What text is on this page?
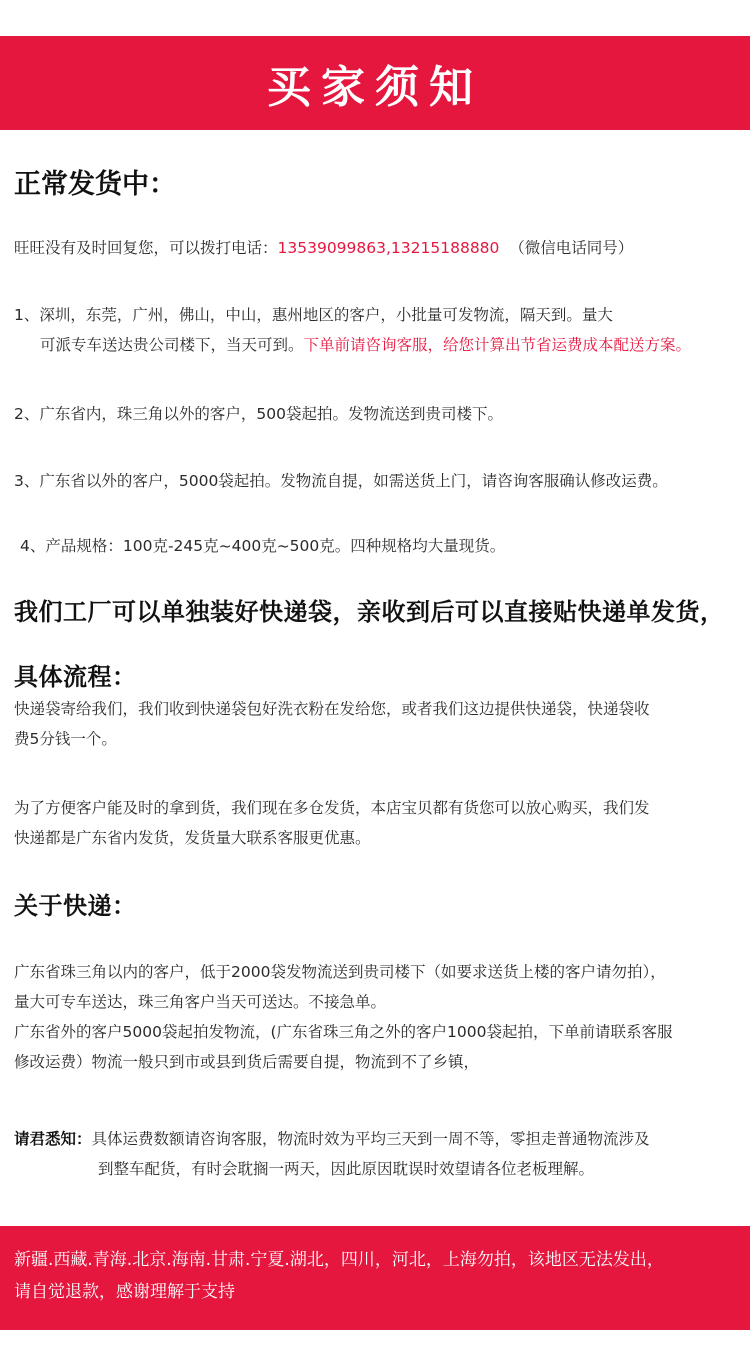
买家须知
正常发货中：
旺旺没有及时回复您，可以拨打电话：13539099863,13215188880 （微信电话同号）
1、深圳，东莞，广州，佛山，中山，惠州地区的客户，小批量可发物流，隔天到。量大
可派专车送达贵公司楼下，当天可到。下单前请咨询客服，给您计算出节省运费成本配送方案。
2、广东省内，珠三角以外的客户，500袋起拍。发物流送到贵司楼下。
3、广东省以外的客户，5000袋起拍。发物流自提，如需送货上门，请咨询客服确认修改运费。
4、产品规格：100克-245克~400克~500克。四种规格均大量现货。
我们工厂可以单独装好快递袋，亲收到后可以直接贴快递单发货，
具体流程：
快递袋寄给我们，我们收到快递袋包好洗衣粉在发给您，或者我们这边提供快递袋，快递袋收
费5分钱一个。
为了方便客户能及时的拿到货，我们现在多仓发货，本店宝贝都有货您可以放心购买，我们发
快递都是广东省内发货，发货量大联系客服更优惠。
关于快递：
广东省珠三角以内的客户，低于2000袋发物流送到贵司楼下（如要求送货上楼的客户请勿拍），
量大可专车送达，珠三角客户当天可送达。不接急单。
广东省外的客户5000袋起拍发物流，(广东省珠三角之外的客户1000袋起拍，下单前请联系客服
修改运费）物流一般只到市或县到货后需要自提，物流到不了乡镇，
请君悉知：具体运费数额请咨询客服，物流时效为平均三天到一周不等，零担走普通物流涉及
到整车配货，有时会耽搁一两天，因此原因耽误时效望请各位老板理解。
新疆.西藏.青海.北京.海南.甘肃.宁夏.湖北，四川，河北，上海勿拍，该地区无法发出，
请自觉退款，感谢理解于支持
